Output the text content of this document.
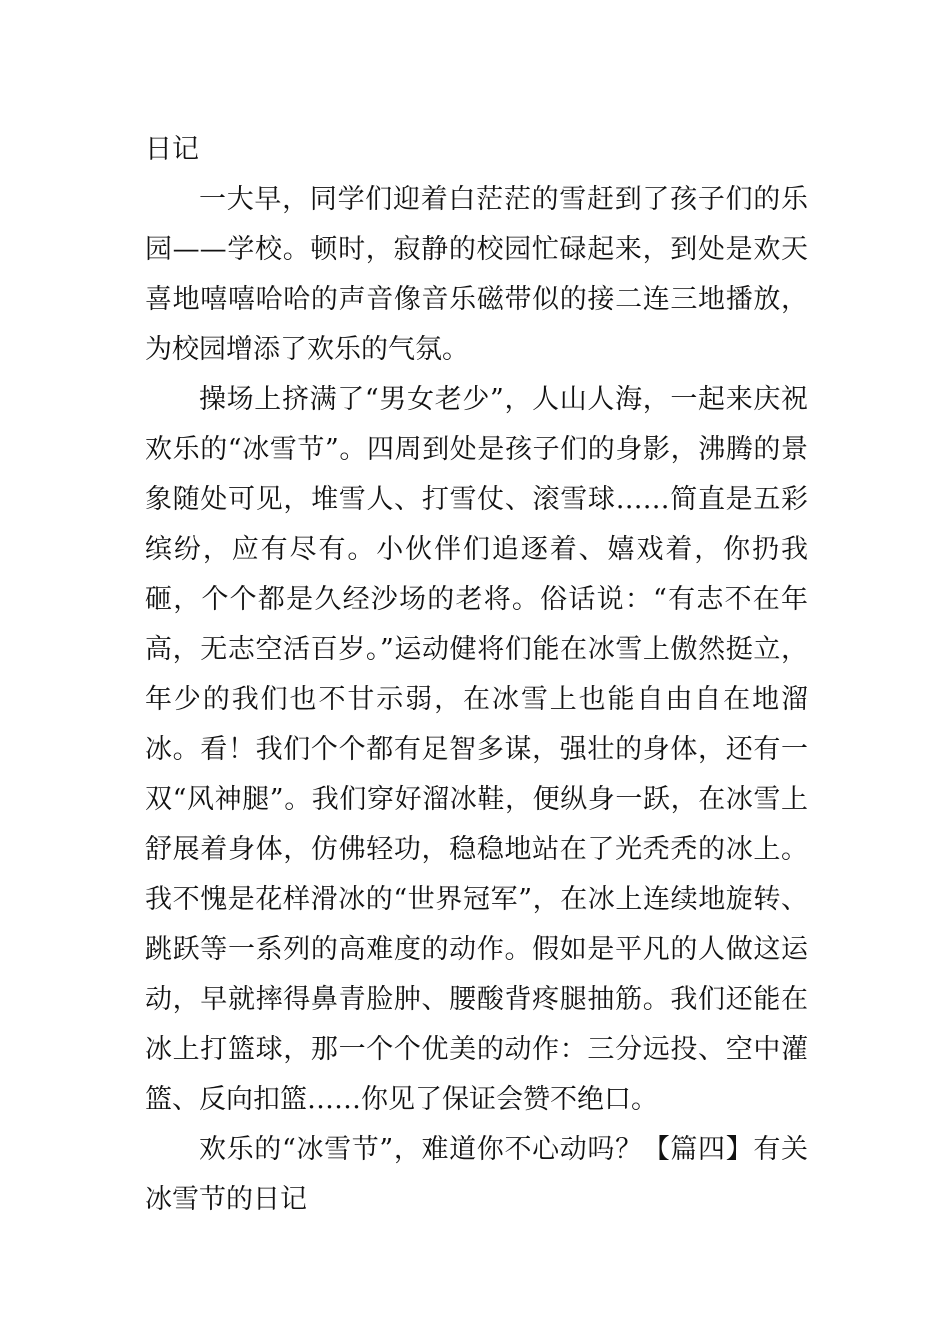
日记

一大早，同学们迎着白茫茫的雪赶到了孩子们的乐园——学校。顿时，寂静的校园忙碌起来，到处是欢天喜地嘻嘻哈哈的声音像音乐磁带似的接二连三地播放，为校园增添了欢乐的气氛。

操场上挤满了“男女老少”，人山人海，一起来庆祝欢乐的“冰雪节”。四周到处是孩子们的身影，沸腾的景象随处可见，堆雪人、打雪仗、滚雪球……简直是五彩缤纷，应有尽有。小伙伴们追逐着、嬉戏着，你扔我砸，个个都是久经沙场的老将。俗话说：“有志不在年高，无志空活百岁。”运动健将们能在冰雪上傲然挺立，年少的我们也不甘示弱，在冰雪上也能自由自在地溜冰。看！我们个个都有足智多谋，强壮的身体，还有一双“风神腿”。我们穿好溜冰鞋，便纵身一跃，在冰雪上舒展着身体，仿佛轻功，稳稳地站在了光秃秃的冰上。我不愧是花样滑冰的“世界冠军”，在冰上连续地旋转、跳跃等一系列的高难度的动作。假如是平凡的人做这运动，早就摔得鼻青脸肿、腰酸背疼腿抽筋。我们还能在冰上打篮球，那一个个优美的动作：三分远投、空中灌篮、反向扣篮……你见了保证会赞不绝口。

欢乐的“冰雪节”，难道你不心动吗？【篇四】有关冰雪节的日记
